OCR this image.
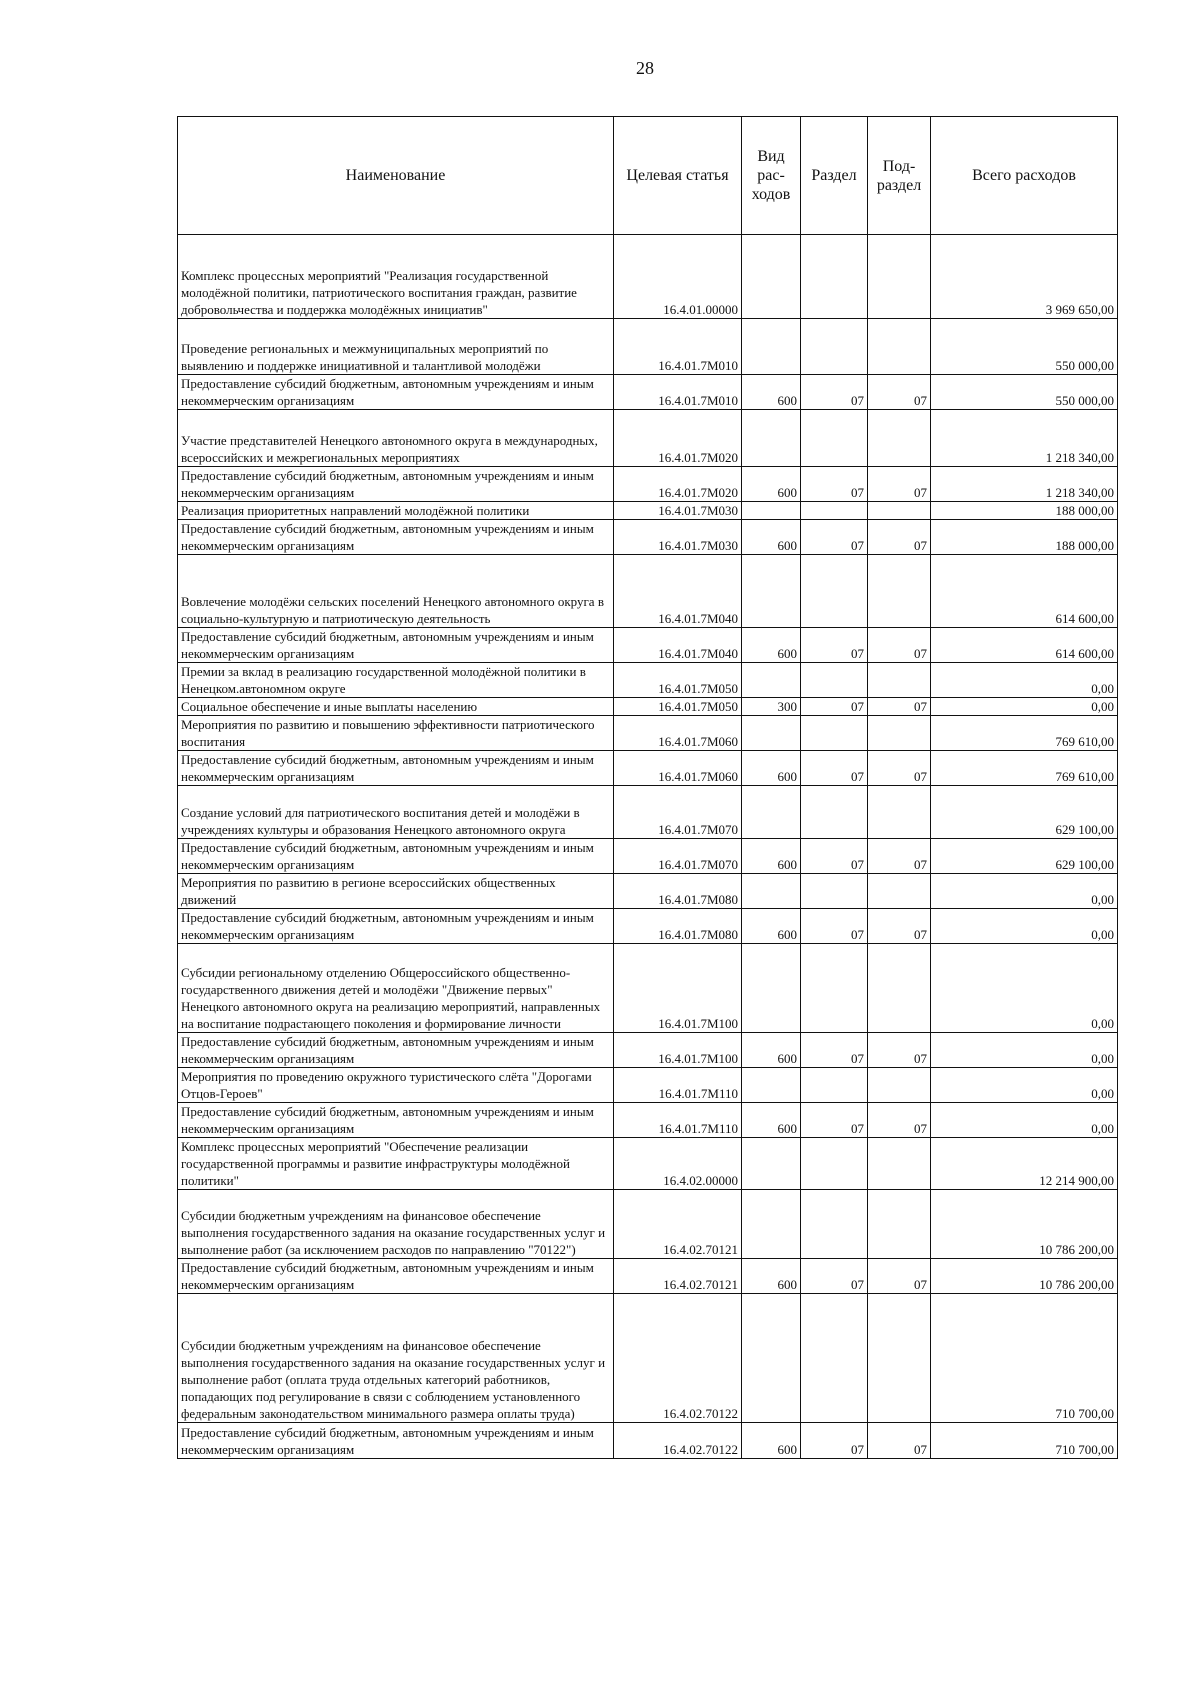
28
Наименование	Целевая статья	Вид рас-ходов	Раздел	Под-раздел	Всего расходов
Комплекс процессных мероприятий "Реализация государственной молодёжной политики, патриотического воспитания граждан, развитие добровольчества и поддержка молодёжных инициатив"	16.4.01.00000				3 969 650,00
Проведение региональных и межмуниципальных мероприятий по выявлению и поддержке инициативной и талантливой молодёжи	16.4.01.7М010				550 000,00
Предоставление субсидий бюджетным, автономным учреждениям и иным некоммерческим организациям	16.4.01.7М010	600	07	07	550 000,00
Участие представителей Ненецкого автономного округа в международных, всероссийских и межрегиональных мероприятиях	16.4.01.7М020				1 218 340,00
Предоставление субсидий бюджетным, автономным учреждениям и иным некоммерческим организациям	16.4.01.7М020	600	07	07	1 218 340,00
Реализация приоритетных направлений молодёжной политики	16.4.01.7М030				188 000,00
Предоставление субсидий бюджетным, автономным учреждениям и иным некоммерческим организациям	16.4.01.7М030	600	07	07	188 000,00
Вовлечение молодёжи сельских поселений Ненецкого автономного округа в социально-культурную и патриотическую деятельность	16.4.01.7М040				614 600,00
Предоставление субсидий бюджетным, автономным учреждениям и иным некоммерческим организациям	16.4.01.7М040	600	07	07	614 600,00
Премии за вклад в реализацию государственной молодёжной политики в Ненецком.автономном округе	16.4.01.7М050				0,00
Социальное обеспечение и иные выплаты населению	16.4.01.7М050	300	07	07	0,00
Мероприятия по развитию и повышению эффективности патриотического воспитания	16.4.01.7М060				769 610,00
Предоставление субсидий бюджетным, автономным учреждениям и иным некоммерческим организациям	16.4.01.7М060	600	07	07	769 610,00
Создание условий для патриотического воспитания детей и молодёжи в учреждениях культуры и образования Ненецкого автономного округа	16.4.01.7М070				629 100,00
Предоставление субсидий бюджетным, автономным учреждениям и иным некоммерческим организациям	16.4.01.7М070	600	07	07	629 100,00
Мероприятия по развитию в регионе всероссийских общественных движений	16.4.01.7М080				0,00
Предоставление субсидий бюджетным, автономным учреждениям и иным некоммерческим организациям	16.4.01.7М080	600	07	07	0,00
Субсидии региональному отделению Общероссийского общественно-государственного движения детей и молодёжи "Движение первых" Ненецкого автономного округа на реализацию мероприятий, направленных на воспитание подрастающего поколения и формирование личности	16.4.01.7М100				0,00
Предоставление субсидий бюджетным, автономным учреждениям и иным некоммерческим организациям	16.4.01.7М100	600	07	07	0,00
Мероприятия по проведению окружного туристического слёта "Дорогами Отцов-Героев"	16.4.01.7М110				0,00
Предоставление субсидий бюджетным, автономным учреждениям и иным некоммерческим организациям	16.4.01.7М110	600	07	07	0,00
Комплекс процессных мероприятий "Обеспечение реализации государственной программы и развитие инфраструктуры молодёжной политики"	16.4.02.00000				12 214 900,00
Субсидии бюджетным учреждениям на финансовое обеспечение выполнения государственного задания на оказание государственных услуг и выполнение работ (за исключением расходов по направлению "70122")	16.4.02.70121				10 786 200,00
Предоставление субсидий бюджетным, автономным учреждениям и иным некоммерческим организациям	16.4.02.70121	600	07	07	10 786 200,00
Субсидии бюджетным учреждениям на финансовое обеспечение выполнения государственного задания на оказание государственных услуг и выполнение работ (оплата труда отдельных категорий работников, попадающих под регулирование в связи с соблюдением установленного федеральным законодательством минимального размера оплаты труда)	16.4.02.70122				710 700,00
Предоставление субсидий бюджетным, автономным учреждениям и иным некоммерческим организациям	16.4.02.70122	600	07	07	710 700,00
